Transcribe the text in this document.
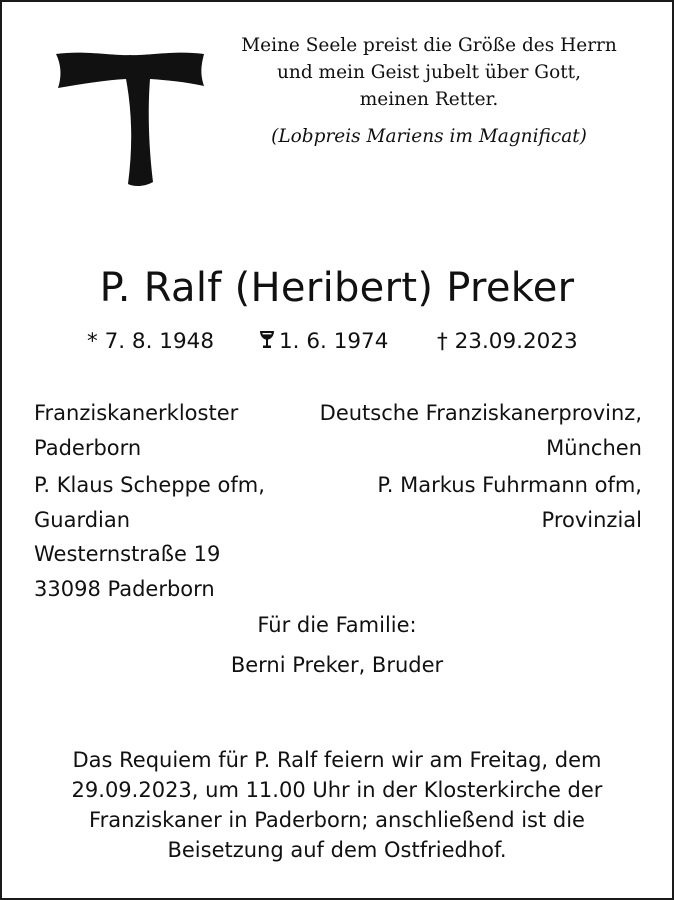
Meine Seele preist die Größe des Herrn
und mein Geist jubelt über Gott,
meinen Retter.
(Lobpreis Mariens im Magnificat)
P. Ralf (Heribert) Preker
* 7. 8. 1948	1. 6. 1974 † 23.09.2023
Franziskanerkloster
Paderborn
P. Klaus Scheppe ofm,
Guardian
Westernstraße 19
33098 Paderborn
Deutsche Franziskanerprovinz,
München
P. Markus Fuhrmann ofm,
Provinzial
Für die Familie:
Berni Preker, Bruder
Das Requiem für P. Ralf feiern wir am Freitag, dem
29.09.2023, um 11.00 Uhr in der Klosterkirche der
Franziskaner in Paderborn; anschließend ist die
Beisetzung auf dem Ostfriedhof.
